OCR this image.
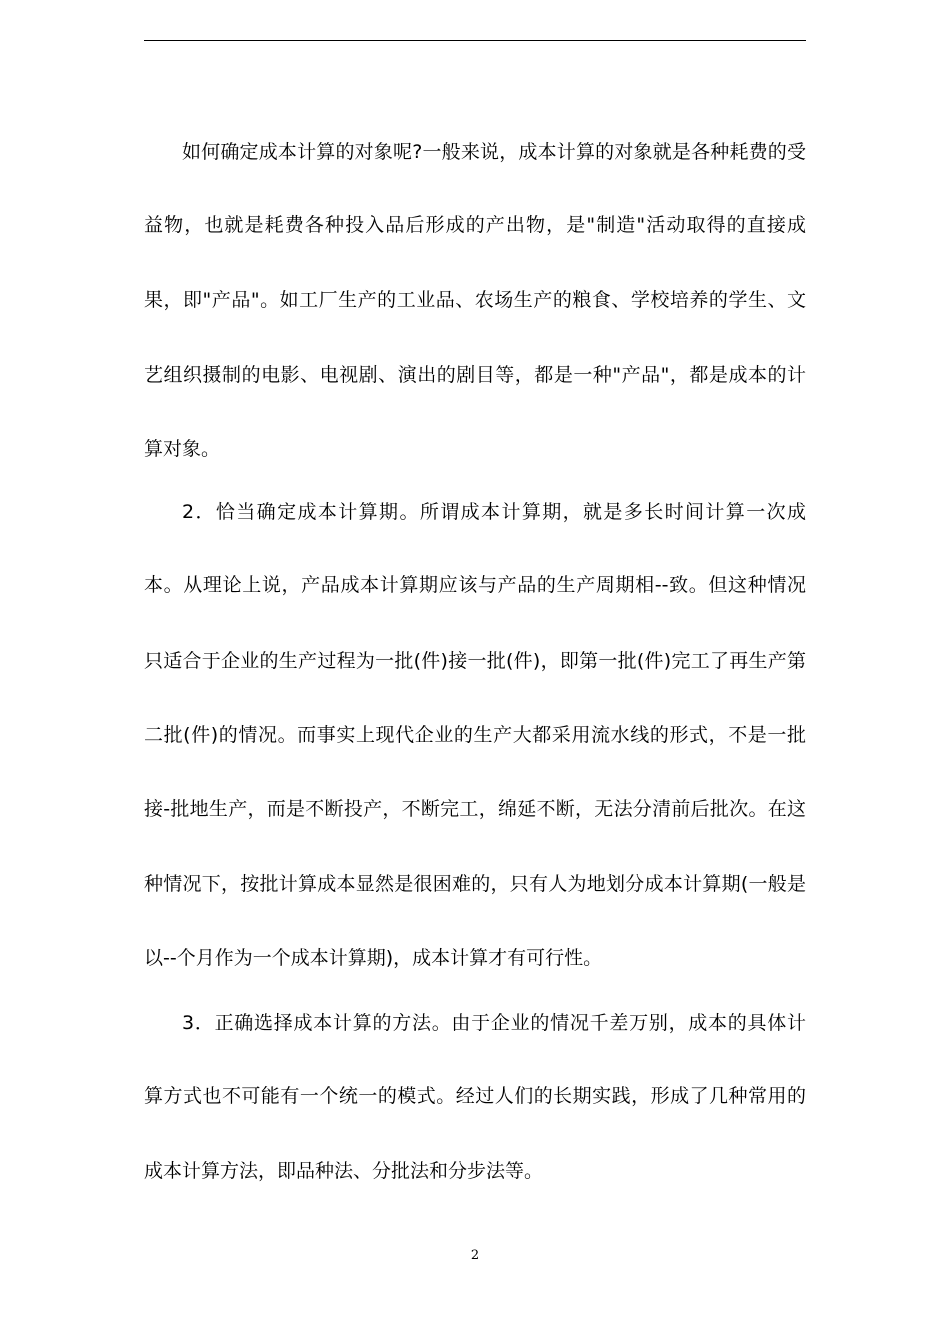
如何确定成本计算的对象呢?一般来说，成本计算的对象就是各种耗费的受
益物，也就是耗费各种投入品后形成的产出物，是"制造"活动取得的直接成
果，即"产品"。如工厂生产的工业品、农场生产的粮食、学校培养的学生、文
艺组织摄制的电影、电视剧、演出的剧目等，都是一种"产品"，都是成本的计
算对象。
2．恰当确定成本计算期。所谓成本计算期，就是多长时间计算一次成
本。从理论上说，产品成本计算期应该与产品的生产周期相--致。但这种情况
只适合于企业的生产过程为一批(件)接一批(件)，即第一批(件)完工了再生产第
二批(件)的情况。而事实上现代企业的生产大都采用流水线的形式，不是一批
接-批地生产，而是不断投产，不断完工，绵延不断，无法分清前后批次。在这
种情况下，按批计算成本显然是很困难的，只有人为地划分成本计算期(一般是
以--个月作为一个成本计算期)，成本计算才有可行性。
3．正确选择成本计算的方法。由于企业的情况千差万别，成本的具体计
算方式也不可能有一个统一的模式。经过人们的长期实践，形成了几种常用的
成本计算方法，即品种法、分批法和分步法等。
2
